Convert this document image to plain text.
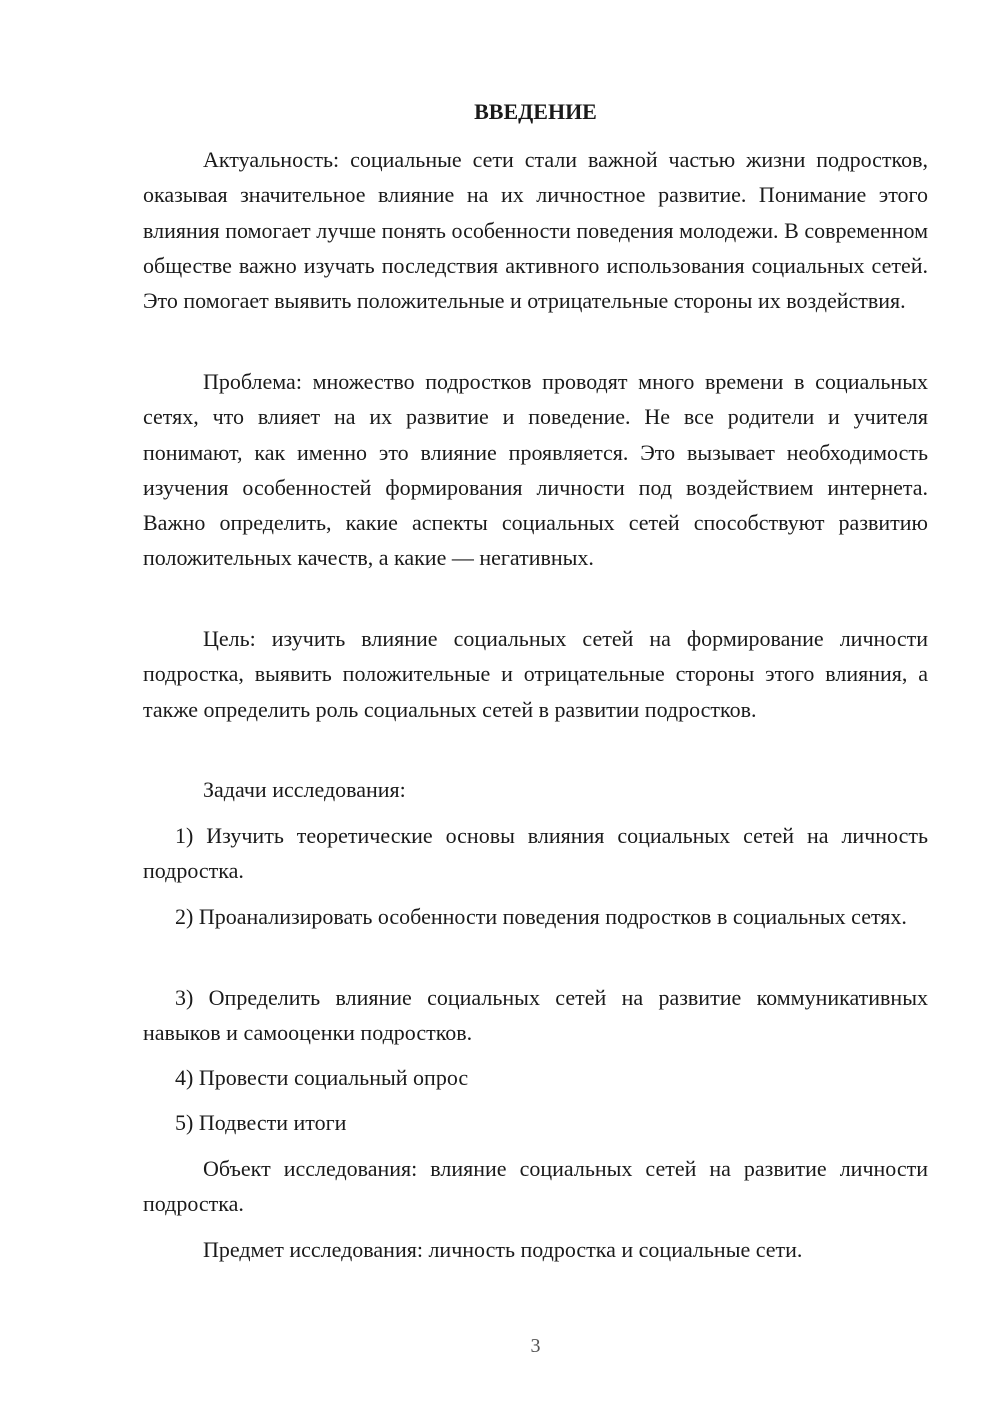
ВВЕДЕНИЕ

Актуальность: социальные сети стали важной частью жизни подростков, оказывая значительное влияние на их личностное развитие. Понимание этого влияния помогает лучше понять особенности поведения молодежи. В современном обществе важно изучать последствия активного использования социальных сетей. Это помогает выявить положительные и отрицательные стороны их воздействия.

Проблема: множество подростков проводят много времени в социальных сетях, что влияет на их развитие и поведение. Не все родители и учителя понимают, как именно это влияние проявляется. Это вызывает необходимость изучения особенностей формирования личности под воздействием интернета. Важно определить, какие аспекты социальных сетей способствуют развитию положительных качеств, а какие — негативных.

Цель: изучить влияние социальных сетей на формирование личности подростка, выявить положительные и отрицательные стороны этого влияния, а также определить роль социальных сетей в развитии подростков.

Задачи исследования:

1) Изучить теоретические основы влияния социальных сетей на личность подростка.

2) Проанализировать особенности поведения подростков в социальных сетях.

3) Определить влияние социальных сетей на развитие коммуникативных навыков и самооценки подростков.

4) Провести социальный опрос

5) Подвести итоги

Объект исследования: влияние социальных сетей на развитие личности подростка.

Предмет исследования: личность подростка и социальные сети.

3
